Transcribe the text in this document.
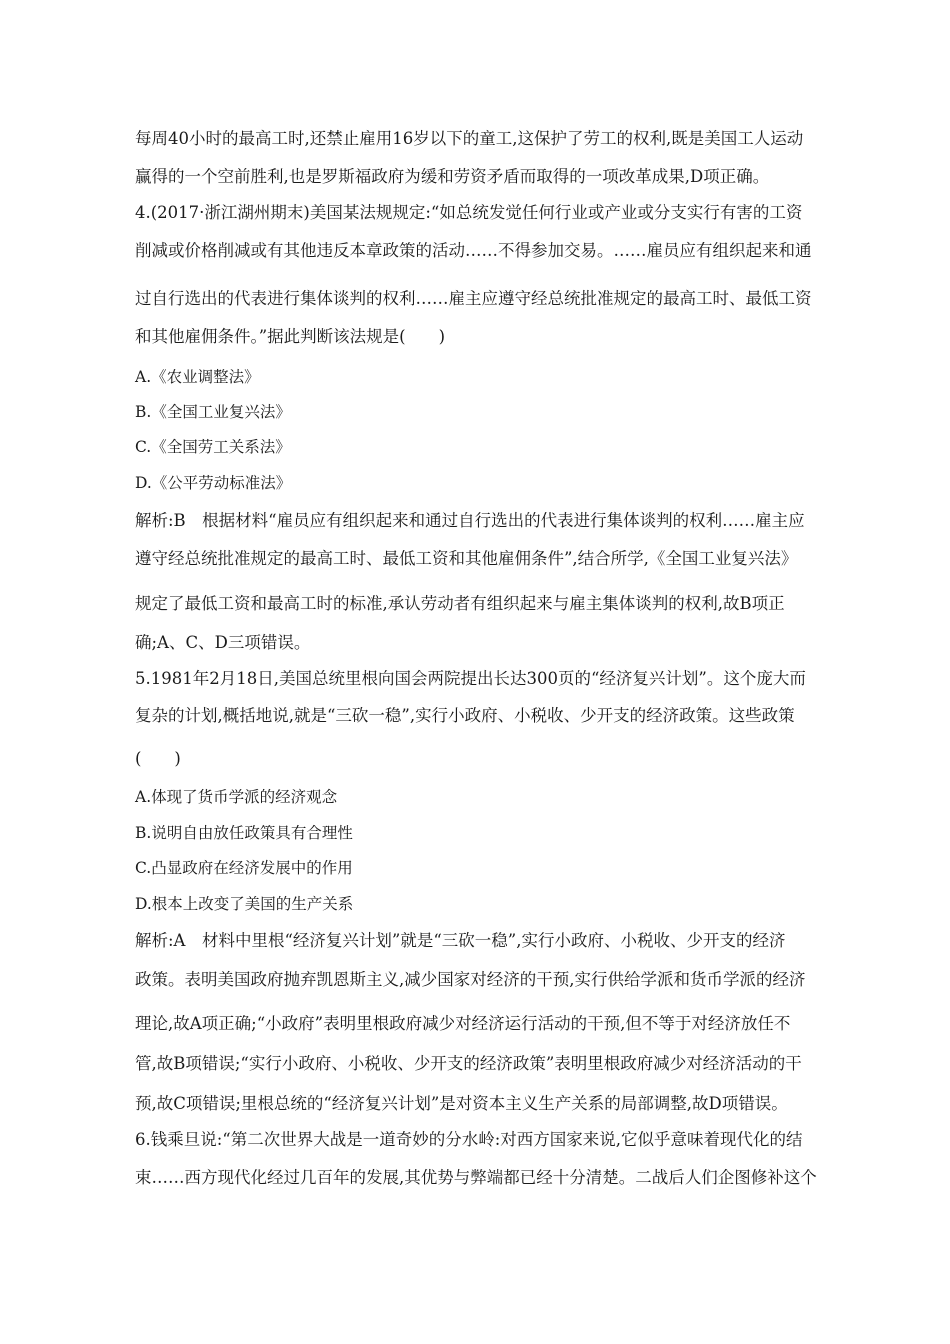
每周40小时的最高工时,还禁止雇用16岁以下的童工,这保护了劳工的权利,既是美国工人运动
赢得的一个空前胜利,也是罗斯福政府为缓和劳资矛盾而取得的一项改革成果,D项正确。
4.(2017·浙江湖州期末)美国某法规规定:“如总统发觉任何行业或产业或分支实行有害的工资
削减或价格削减或有其他违反本章政策的活动……不得参加交易。……雇员应有组织起来和通
过自行选出的代表进行集体谈判的权利……雇主应遵守经总统批准规定的最高工时、最低工资
和其他雇佣条件。”据此判断该法规是(　　)
A.《农业调整法》
B.《全国工业复兴法》
C.《全国劳工关系法》
D.《公平劳动标准法》
解析:B　根据材料“雇员应有组织起来和通过自行选出的代表进行集体谈判的权利……雇主应
遵守经总统批准规定的最高工时、最低工资和其他雇佣条件”,结合所学,《全国工业复兴法》
规定了最低工资和最高工时的标准,承认劳动者有组织起来与雇主集体谈判的权利,故B项正
确;A、C、D三项错误。
5.1981年2月18日,美国总统里根向国会两院提出长达300页的“经济复兴计划”。这个庞大而
复杂的计划,概括地说,就是“三砍一稳”,实行小政府、小税收、少开支的经济政策。这些政策
(　　)
A.体现了货币学派的经济观念
B.说明自由放任政策具有合理性
C.凸显政府在经济发展中的作用
D.根本上改变了美国的生产关系
解析:A　材料中里根“经济复兴计划”就是“三砍一稳”,实行小政府、小税收、少开支的经济
政策。表明美国政府抛弃凯恩斯主义,减少国家对经济的干预,实行供给学派和货币学派的经济
理论,故A项正确;“小政府”表明里根政府减少对经济运行活动的干预,但不等于对经济放任不
管,故B项错误;“实行小政府、小税收、少开支的经济政策”表明里根政府减少对经济活动的干
预,故C项错误;里根总统的“经济复兴计划”是对资本主义生产关系的局部调整,故D项错误。
6.钱乘旦说:“第二次世界大战是一道奇妙的分水岭:对西方国家来说,它似乎意味着现代化的结
束……西方现代化经过几百年的发展,其优势与弊端都已经十分清楚。二战后人们企图修补这个
